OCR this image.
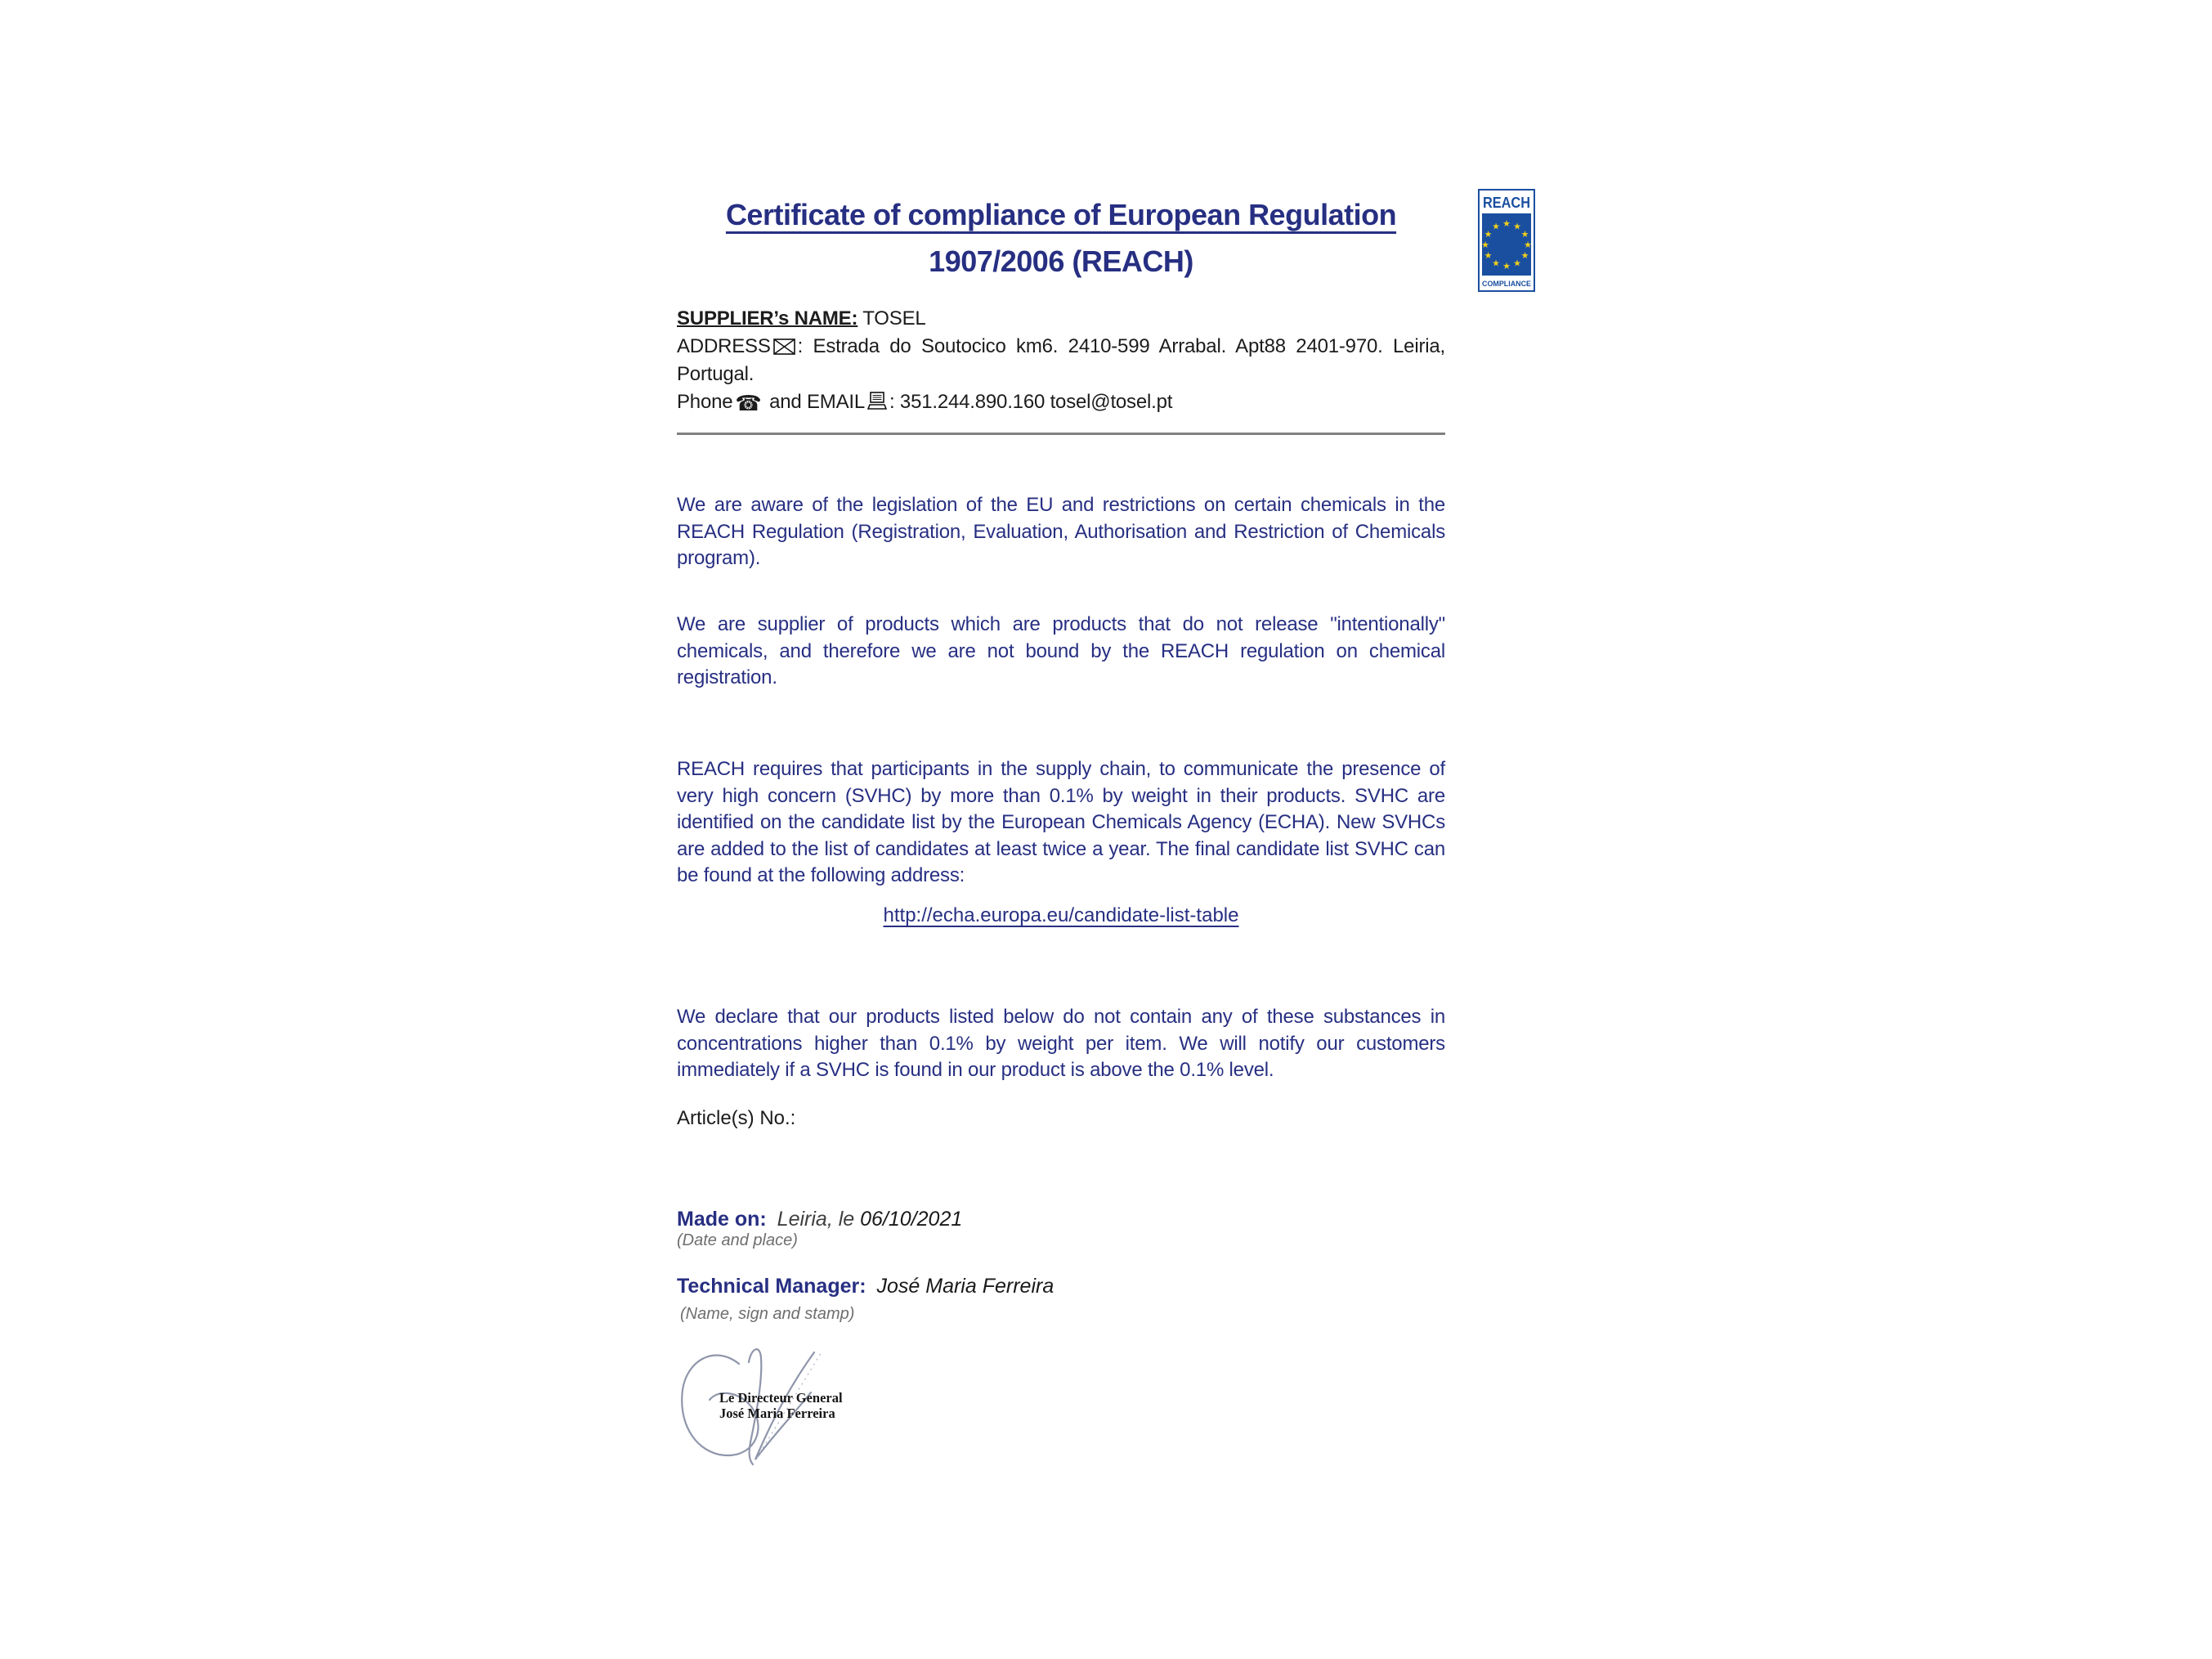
Certificate of compliance of European Regulation
1907/2006 (REACH)
REACH
★ ★
★
★
★
★
★
★
★
★
★
★
COMPLIANCE
SUPPLIER’s NAME: TOSEL
ADDRESS : Estrada do Soutocico km6. 2410-599 Arrabal. Apt88 2401-970. Leiria,
Portugal.
Phone ☎ and EMAIL : 351.244.890.160 tosel@tosel.pt

We are aware of the legislation of the EU and restrictions on certain chemicals in the REACH Regulation (Registration, Evaluation, Authorisation and Restriction of Chemicals program).

We are supplier of products which are products that do not release "intentionally" chemicals, and therefore we are not bound by the REACH regulation on chemical registration.

REACH requires that participants in the supply chain, to communicate the presence of very high concern (SVHC) by more than 0.1% by weight in their products. SVHC are identified on the candidate list by the European Chemicals Agency (ECHA). New SVHCs are added to the list of candidates at least twice a year. The final candidate list SVHC can be found at the following address:

http://echa.europa.eu/candidate-list-table

We declare that our products listed below do not contain any of these substances in concentrations higher than 0.1% by weight per item. We will notify our customers immediately if a SVHC is found in our product is above the 0.1% level.

Article(s) No.:
Made on: Leiria, le 06/10/2021
(Date and place)
Technical Manager: José Maria Ferreira
(Name, sign and stamp)
Le Directeur General
José Maria Ferreira
